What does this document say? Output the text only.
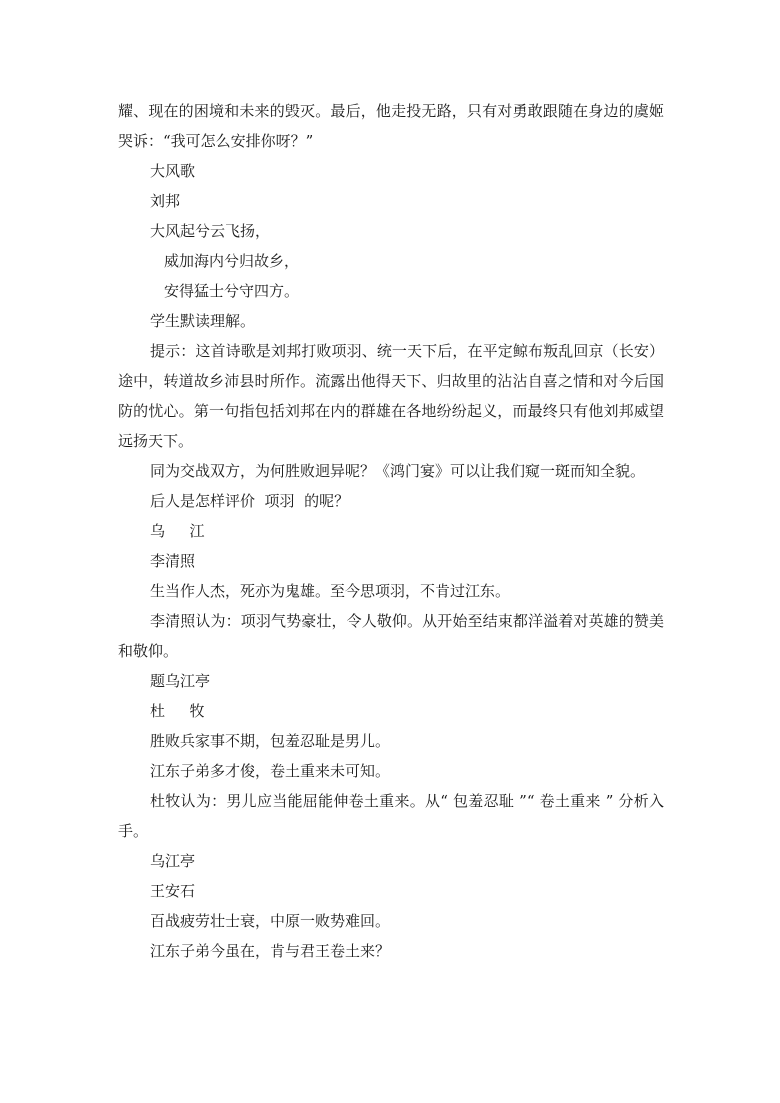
耀、现在的困境和未来的毁灭。最后，他走投无路，只有对勇敢跟随在身边的虞姬哭诉：“我可怎么安排你呀？”

大风歌

刘邦

大风起兮云飞扬，

威加海内兮归故乡，

安得猛士兮守四方。

学生默读理解。

提示：这首诗歌是刘邦打败项羽、统一天下后，在平定鲸布叛乱回京（长安）途中，转道故乡沛县时所作。流露出他得天下、归故里的沾沾自喜之情和对今后国防的忧心。第一句指包括刘邦在内的群雄在各地纷纷起义，而最终只有他刘邦威望远扬天下。

同为交战双方，为何胜败迥异呢？《鸿门宴》可以让我们窥一斑而知全貌。

后人是怎样评价  项羽  的呢？

乌　  江

李清照

生当作人杰，死亦为鬼雄。至今思项羽，不肯过江东。

李清照认为：项羽气势豪壮，令人敬仰。从开始至结束都洋溢着对英雄的赞美和敬仰。

题乌江亭

杜　  牧

胜败兵家事不期，包羞忍耻是男儿。

江东子弟多才俊，卷土重来未可知。

杜牧认为：男儿应当能屈能伸卷土重来。从“ 包羞忍耻 ”“ 卷土重来 ” 分析入手。

乌江亭

王安石

百战疲劳壮士衰，中原一败势难回。

江东子弟今虽在，肯与君王卷土来？
